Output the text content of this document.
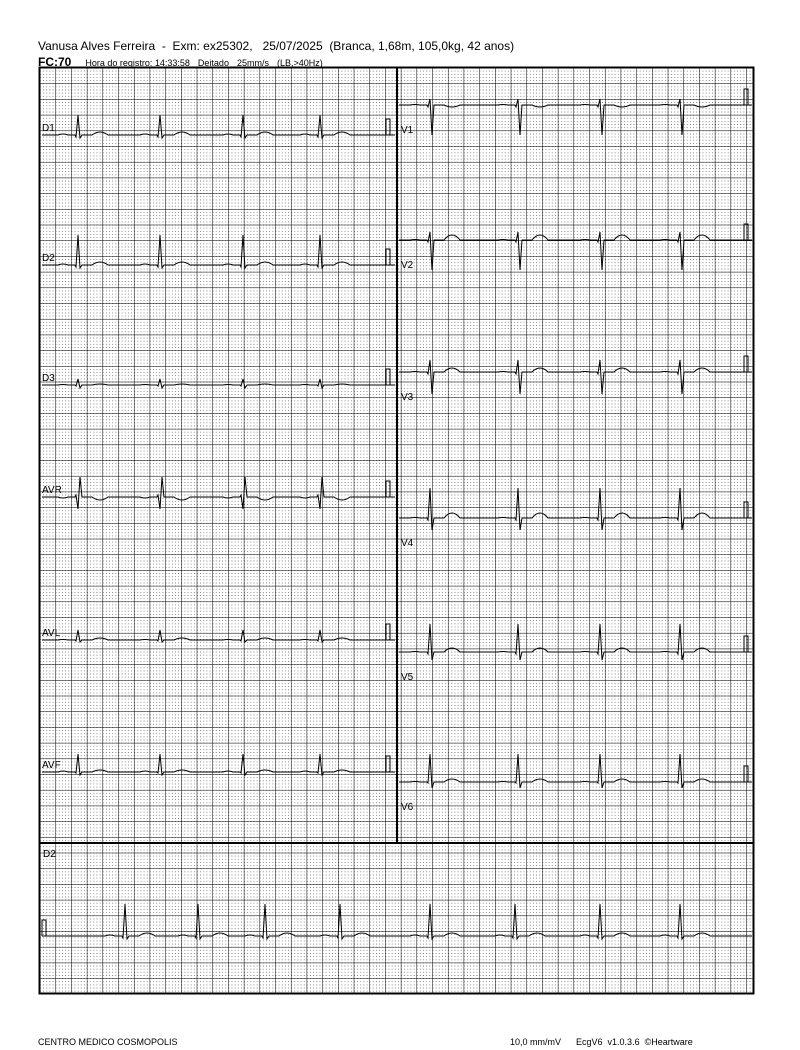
Vanusa Alves Ferreira - Exm: ex25302, 25/07/2025 (Branca, 1,68m, 105,0kg, 42 anos)
FC:70 Hora do registro: 14:33:58 Deitado 25mm/s (LB,>40Hz)
D1
D2
D3
AVR
AVL
AVF
V1
V2
V3
V4
V5
V6
D2
CENTRO MEDICO COSMOPOLIS	10,0 mm/mV EcgV6  v1.0.3.6  ©Heartware
